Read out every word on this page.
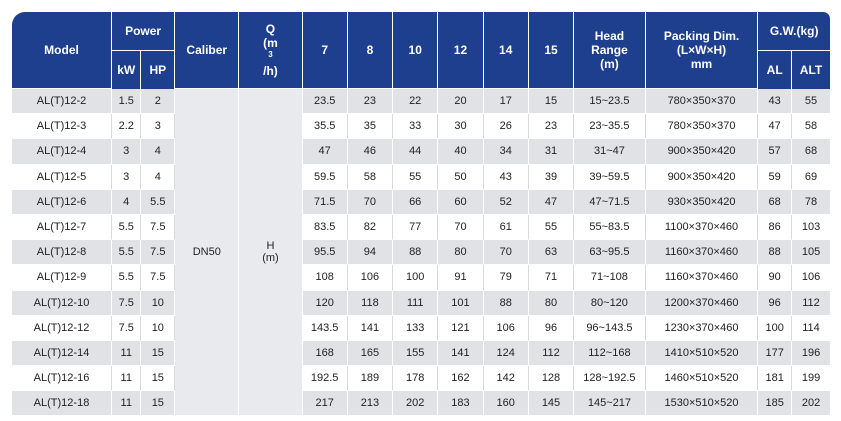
Model	Power		Caliber	Q
(m
$^3$
/h)	7	8	10	12	14	15	Head
Range
(m)	Packing Dim.
(L×W×H)
mm	G.W.(kg)	
	kW	HP											AL	ALT
AL(T)12-2	1.5	2	DN50	H
(m)	23.5	23	22	20	17	15	15~23.5	780×350×370	43	55
AL(T)12-3	2.2	3			35.5	35	33	30	26	23	23~35.5	780×350×370	47	58
AL(T)12-4	3	4			47	46	44	40	34	31	31~47	900×350×420	57	68
AL(T)12-5	3	4			59.5	58	55	50	43	39	39~59.5	900×350×420	59	69
AL(T)12-6	4	5.5			71.5	70	66	60	52	47	47~71.5	930×350×420	68	78
AL(T)12-7	5.5	7.5			83.5	82	77	70	61	55	55~83.5	1100×370×460	86	103
AL(T)12-8	5.5	7.5			95.5	94	88	80	70	63	63~95.5	1160×370×460	88	105
AL(T)12-9	5.5	7.5			108	106	100	91	79	71	71~108	1160×370×460	90	106
AL(T)12-10	7.5	10			120	118	111	101	88	80	80~120	1200×370×460	96	112
AL(T)12-12	7.5	10			143.5	141	133	121	106	96	96~143.5	1230×370×460	100	114
AL(T)12-14	11	15			168	165	155	141	124	112	112~168	1410×510×520	177	196
AL(T)12-16	11	15			192.5	189	178	162	142	128	128~192.5	1460×510×520	181	199
AL(T)12-18	11	15			217	213	202	183	160	145	145~217	1530×510×520	185	202
